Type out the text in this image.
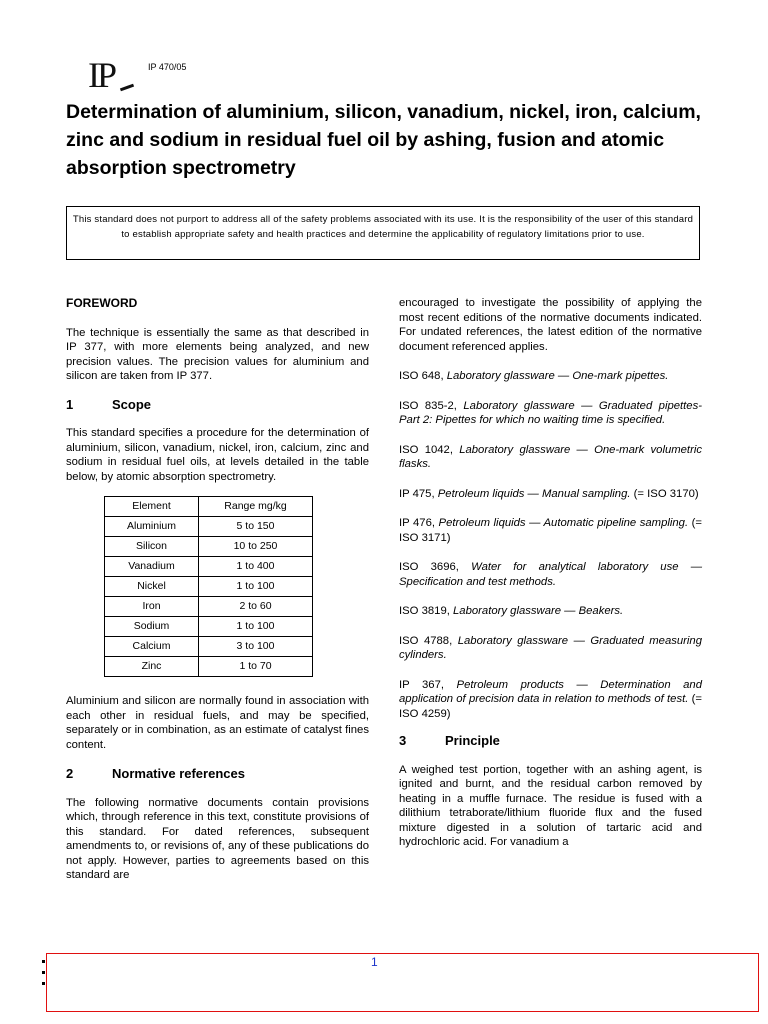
IP	IP 470/05
Determination of aluminium, silicon, vanadium, nickel, iron, calcium, zinc and sodium in residual fuel oil by ashing, fusion and atomic absorption spectrometry
This standard does not purport to address all of the safety problems associated with its use. It is the responsibility of the user of this standard to establish appropriate safety and health practices and determine the applicability of regulatory limitations prior to use.

FOREWORD

The technique is essentially the same as that described in IP 377, with more elements being analyzed, and new precision values. The precision values for aluminium and silicon are taken from IP 377.

1	Scope

This standard specifies a procedure for the determination of aluminium, silicon, vanadium, nickel, iron, calcium, zinc and sodium in residual fuel oils, at levels detailed in the table below, by atomic absorption spectrometry.

Element	Range mg/kg
Aluminium	5 to 150
Silicon	10 to 250
Vanadium	1 to 400
Nickel	1 to 100
Iron	2 to 60
Sodium	1 to 100
Calcium	3 to 100
Zinc	1 to 70

Aluminium and silicon are normally found in association with each other in residual fuels, and may be specified, separately or in combination, as an estimate of catalyst fines content.

2	Normative references

The following normative documents contain provisions which, through reference in this text, constitute provisions of this standard. For dated references, subsequent amendments to, or revisions of, any of these publications do not apply. However, parties to agreements based on this standard are

encouraged to investigate the possibility of applying the most recent editions of the normative documents indicated. For undated references, the latest edition of the normative document referenced applies.

ISO 648, Laboratory glassware — One-mark pipettes.

ISO 835-2, Laboratory glassware — Graduated pipettes- Part 2: Pipettes for which no waiting time is specified.

ISO 1042, Laboratory glassware — One-mark volumetric flasks.

IP 475, Petroleum liquids — Manual sampling. (= ISO 3170)

IP 476, Petroleum liquids — Automatic pipeline sampling. (= ISO 3171)

ISO 3696, Water for analytical laboratory use — Specification and test methods.

ISO 3819, Laboratory glassware — Beakers.

ISO 4788, Laboratory glassware — Graduated measuring cylinders.

IP 367, Petroleum products — Determination and application of precision data in relation to methods of test. (= ISO 4259)

3	Principle

A weighed test portion, together with an ashing agent, is ignited and burnt, and the residual carbon removed by heating in a muffle furnace. The residue is fused with a dilithium tetraborate/lithium fluoride flux and the fused mixture digested in a solution of tartaric acid and hydrochloric acid. For vanadium a

1
